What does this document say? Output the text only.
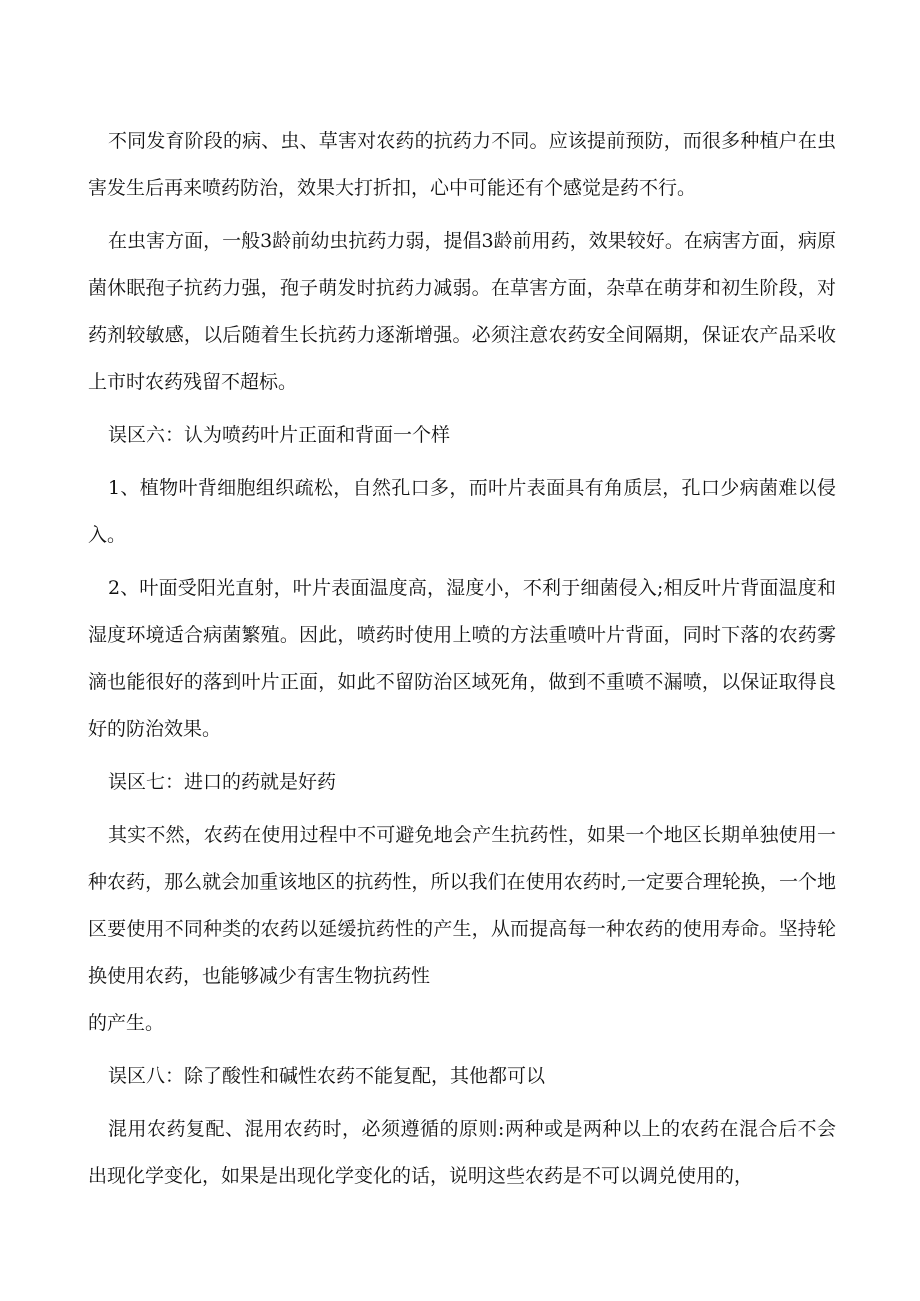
不同发育阶段的病、虫、草害对农药的抗药力不同。应该提前预防，而很多种植户在虫害发生后再来喷药防治，效果大打折扣，心中可能还有个感觉是药不行。

在虫害方面，一般3龄前幼虫抗药力弱，提倡3龄前用药，效果较好。在病害方面，病原菌休眠孢子抗药力强，孢子萌发时抗药力减弱。在草害方面，杂草在萌芽和初生阶段，对药剂较敏感，以后随着生长抗药力逐渐增强。必须注意农药安全间隔期，保证农产品采收上市时农药残留不超标。

误区六：认为喷药叶片正面和背面一个样

1、植物叶背细胞组织疏松，自然孔口多，而叶片表面具有角质层，孔口少病菌难以侵入。

2、叶面受阳光直射，叶片表面温度高，湿度小，不利于细菌侵入;相反叶片背面温度和湿度环境适合病菌繁殖。因此，喷药时使用上喷的方法重喷叶片背面，同时下落的农药雾滴也能很好的落到叶片正面，如此不留防治区域死角，做到不重喷不漏喷，以保证取得良好的防治效果。

误区七：进口的药就是好药

其实不然，农药在使用过程中不可避免地会产生抗药性，如果一个地区长期单独使用一种农药，那么就会加重该地区的抗药性，所以我们在使用农药时,一定要合理轮换，一个地区要使用不同种类的农药以延缓抗药性的产生，从而提高每一种农药的使用寿命。坚持轮换使用农药，也能够减少有害生物抗药性

的产生。

误区八：除了酸性和碱性农药不能复配，其他都可以

混用农药复配、混用农药时，必须遵循的原则:两种或是两种以上的农药在混合后不会出现化学变化，如果是出现化学变化的话，说明这些农药是不可以调兑使用的，
